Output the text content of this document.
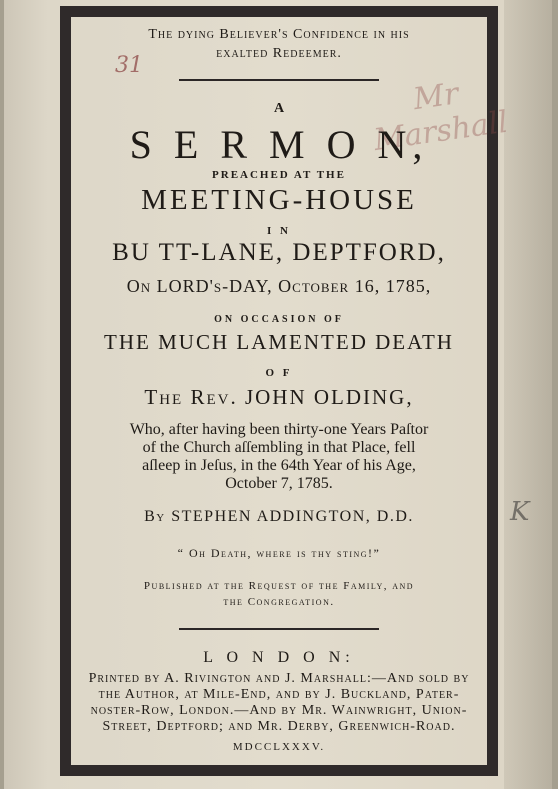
The dying Believer's Confidence in his
exalted Redeemer.
31
Mr Marshall
A
S E R M O N,
PREACHED AT THE
MEETING-HOUSE
I N
BU TT-LANE, DEPTFORD,
On LORD's-DAY, October 16, 1785,
ON OCCASION OF
THE MUCH LAMENTED DEATH
O F
The Rev. JOHN OLDING,
Who, after having been thirty-one Years Paſtor
of the Church aſſembling in that Place, fell
aſleep in Jeſus, in the 64th Year of his Age,
October 7, 1785.
By STEPHEN ADDINGTON, D.D.
“ Oh Death, where is thy sting!”
Published at the Request of the Family, and
the Congregation.
L O N D O N:
Printed by A. Rivington and J. Marshall:—And ſold by
the Author, at Mile-End, and by J. Buckland, Pater-
noſter-Row, London.—And by Mr. Wainwright, Union-
Street, Deptford; and Mr. Derby, Greenwich-Road.
MDCCLXXXV.
K
